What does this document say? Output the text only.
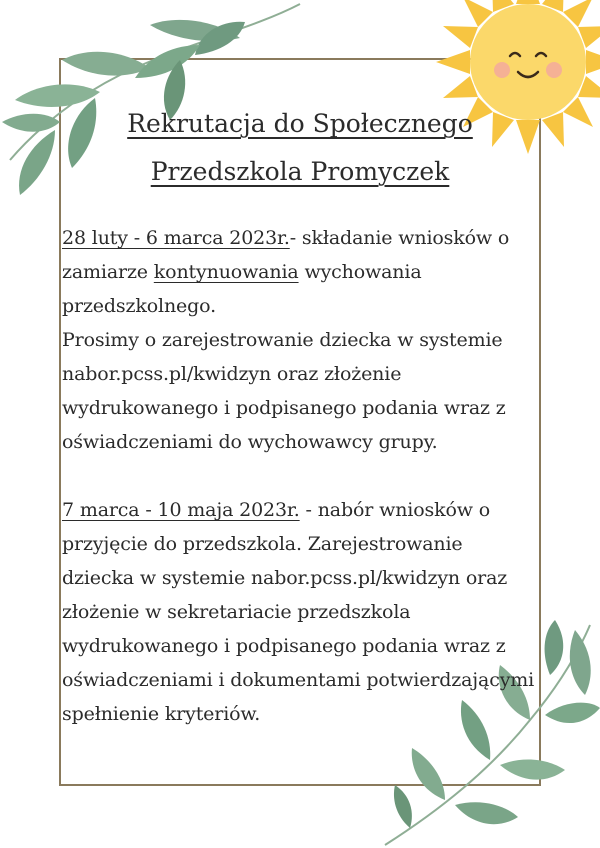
Rekrutacja do Społecznego
Przedszkola Promyczek

28 luty - 6 marca 2023r.- składanie wniosków o zamiarze kontynuowania wychowania przedszkolnego.

Prosimy o zarejestrowanie dziecka w systemie nabor.pcss.pl/kwidzyn oraz złożenie wydrukowanego i podpisanego podania wraz z oświadczeniami do wychowawcy grupy.

7 marca - 10 maja 2023r. - nabór wniosków o przyjęcie do przedszkola. Zarejestrowanie dziecka w systemie nabor.pcss.pl/kwidzyn oraz złożenie w sekretariacie przedszkola wydrukowanego i podpisanego podania wraz z oświadczeniami i dokumentami potwierdzającymi spełnienie kryteriów.
